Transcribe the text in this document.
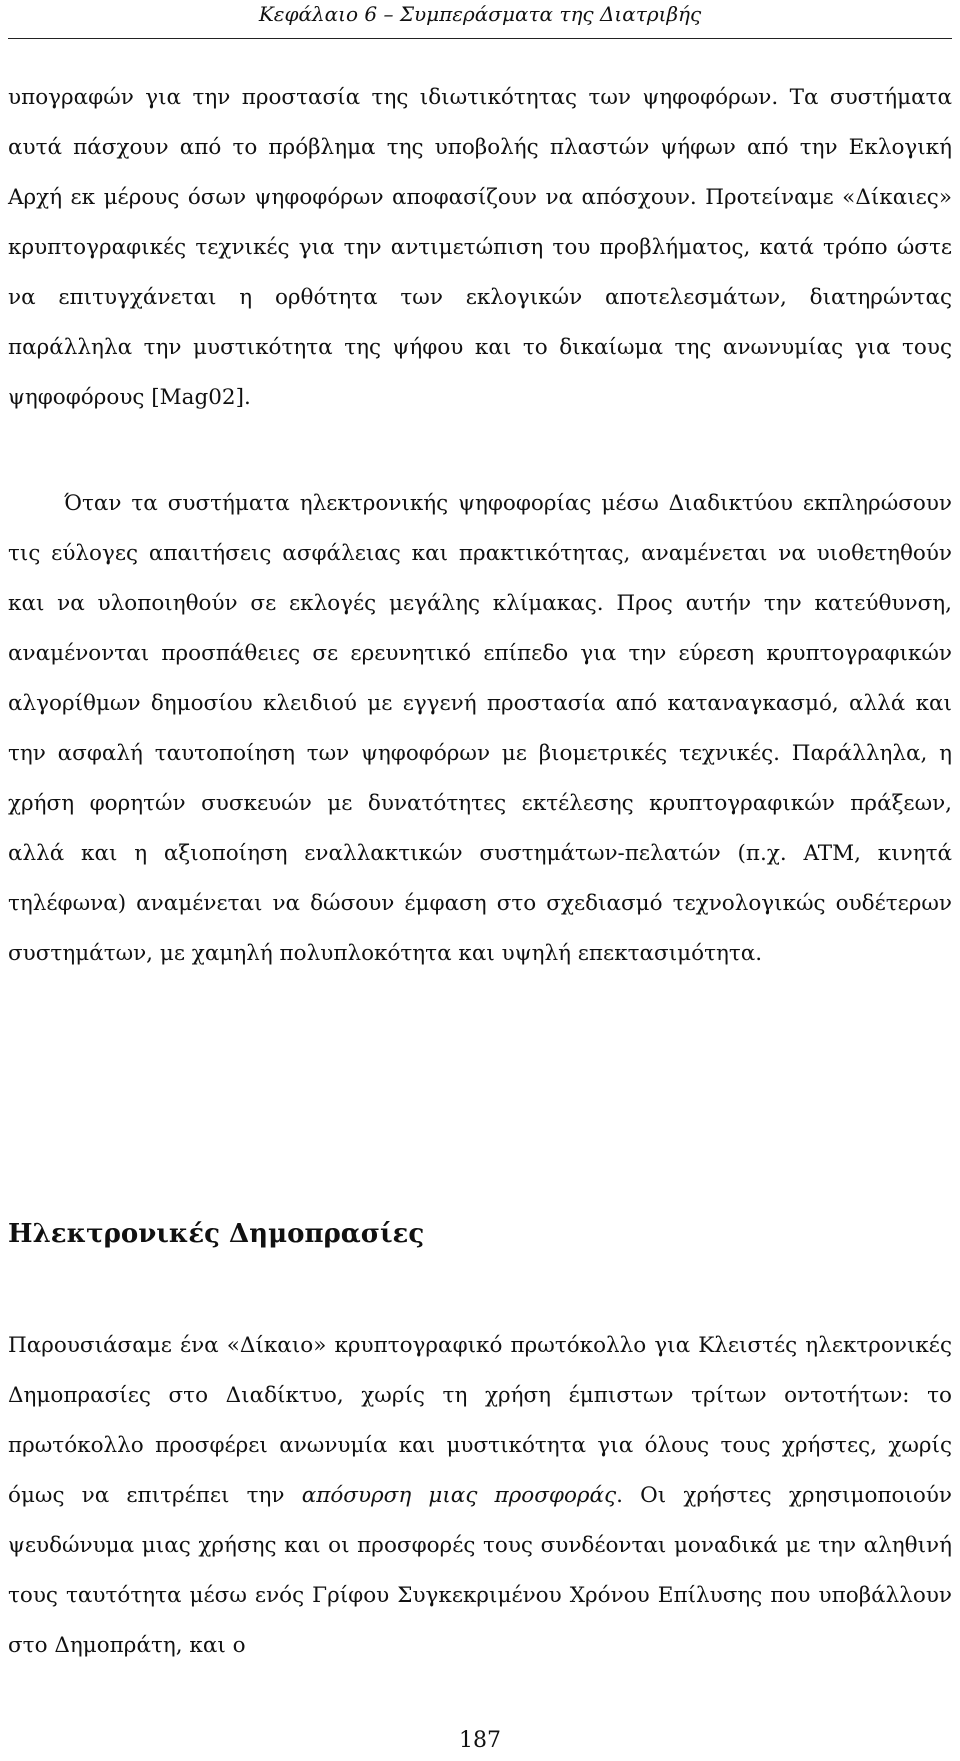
Κεφάλαιο 6 – Συμπεράσματα της Διατριβής

υπογραφών για την προστασία της ιδιωτικότητας των ψηφοφόρων. Τα συστήματα αυτά πάσχουν από το πρόβλημα της υποβολής πλαστών ψήφων από την Εκλογική Αρχή εκ μέρους όσων ψηφοφόρων αποφασίζουν να απόσχουν. Προτείναμε «Δίκαιες» κρυπτογραφικές τεχνικές για την αντιμετώπιση του προβλήματος, κατά τρόπο ώστε να επιτυγχάνεται η ορθότητα των εκλογικών αποτελεσμάτων, διατηρώντας παράλληλα την μυστικότητα της ψήφου και το δικαίωμα της ανωνυμίας για τους ψηφοφόρους [Mag02].

Όταν τα συστήματα ηλεκτρονικής ψηφοφορίας μέσω Διαδικτύου εκπληρώσουν τις εύλογες απαιτήσεις ασφάλειας και πρακτικότητας, αναμένεται να υιοθετηθούν και να υλοποιηθούν σε εκλογές μεγάλης κλίμακας. Προς αυτήν την κατεύθυνση, αναμένονται προσπάθειες σε ερευνητικό επίπεδο για την εύρεση κρυπτογραφικών αλγορίθμων δημοσίου κλειδιού με εγγενή προστασία από καταναγκασμό, αλλά και την ασφαλή ταυτοποίηση των ψηφοφόρων με βιομετρικές τεχνικές. Παράλληλα, η χρήση φορητών συσκευών με δυνατότητες εκτέλεσης κρυπτογραφικών πράξεων, αλλά και η αξιοποίηση εναλλακτικών συστημάτων-πελατών (π.χ. ATM, κινητά τηλέφωνα) αναμένεται να δώσουν έμφαση στο σχεδιασμό τεχνολογικώς ουδέτερων συστημάτων, με χαμηλή πολυπλοκότητα και υψηλή επεκτασιμότητα.

Ηλεκτρονικές Δημοπρασίες

Παρουσιάσαμε ένα «Δίκαιο» κρυπτογραφικό πρωτόκολλο για Κλειστές ηλεκτρονικές Δημοπρασίες στο Διαδίκτυο, χωρίς τη χρήση έμπιστων τρίτων οντοτήτων: το πρωτόκολλο προσφέρει ανωνυμία και μυστικότητα για όλους τους χρήστες, χωρίς όμως να επιτρέπει την απόσυρση μιας προσφοράς. Οι χρήστες χρησιμοποιούν ψευδώνυμα μιας χρήσης και οι προσφορές τους συνδέονται μοναδικά με την αληθινή τους ταυτότητα μέσω ενός Γρίφου Συγκεκριμένου Χρόνου Επίλυσης που υποβάλλουν στο Δημοπράτη, και ο

187
